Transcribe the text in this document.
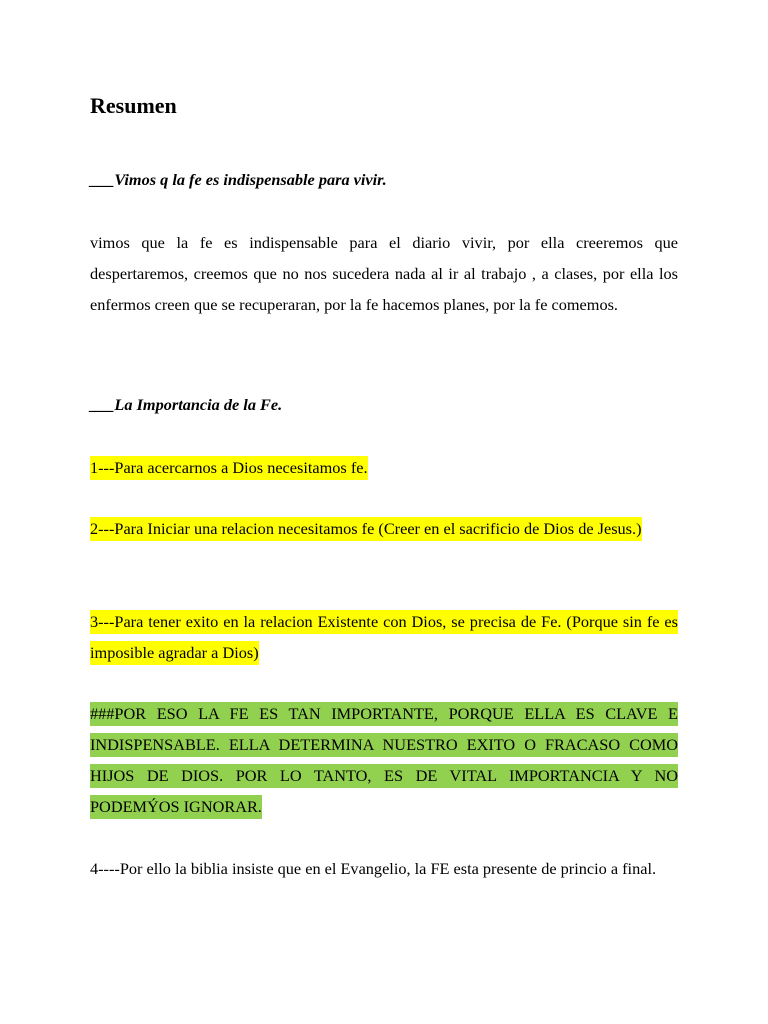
Resumen

___Vimos q la fe es indispensable para vivir.

vimos que la fe es indispensable para el diario vivir, por ella creeremos que despertaremos, creemos que no nos sucedera nada al ir al trabajo , a clases, por ella los enfermos creen que se recuperaran, por la fe hacemos planes, por la fe comemos.

___La Importancia de la Fe.

1---Para acercarnos a Dios necesitamos fe.

2---Para Iniciar una relacion necesitamos fe (Creer en el sacrificio de Dios de Jesus.)

3---Para tener exito en la relacion Existente con Dios, se precisa de Fe. (Porque sin fe es imposible agradar a Dios)

###POR ESO LA FE ES TAN IMPORTANTE, PORQUE ELLA ES CLAVE E INDISPENSABLE. ELLA DETERMINA NUESTRO EXITO O FRACASO COMO HIJOS DE DIOS. POR LO TANTO, ES DE VITAL IMPORTANCIA Y NO PODEMÝOS IGNORAR.

4----Por ello la biblia insiste que en el Evangelio, la FE esta presente de princio a final.
